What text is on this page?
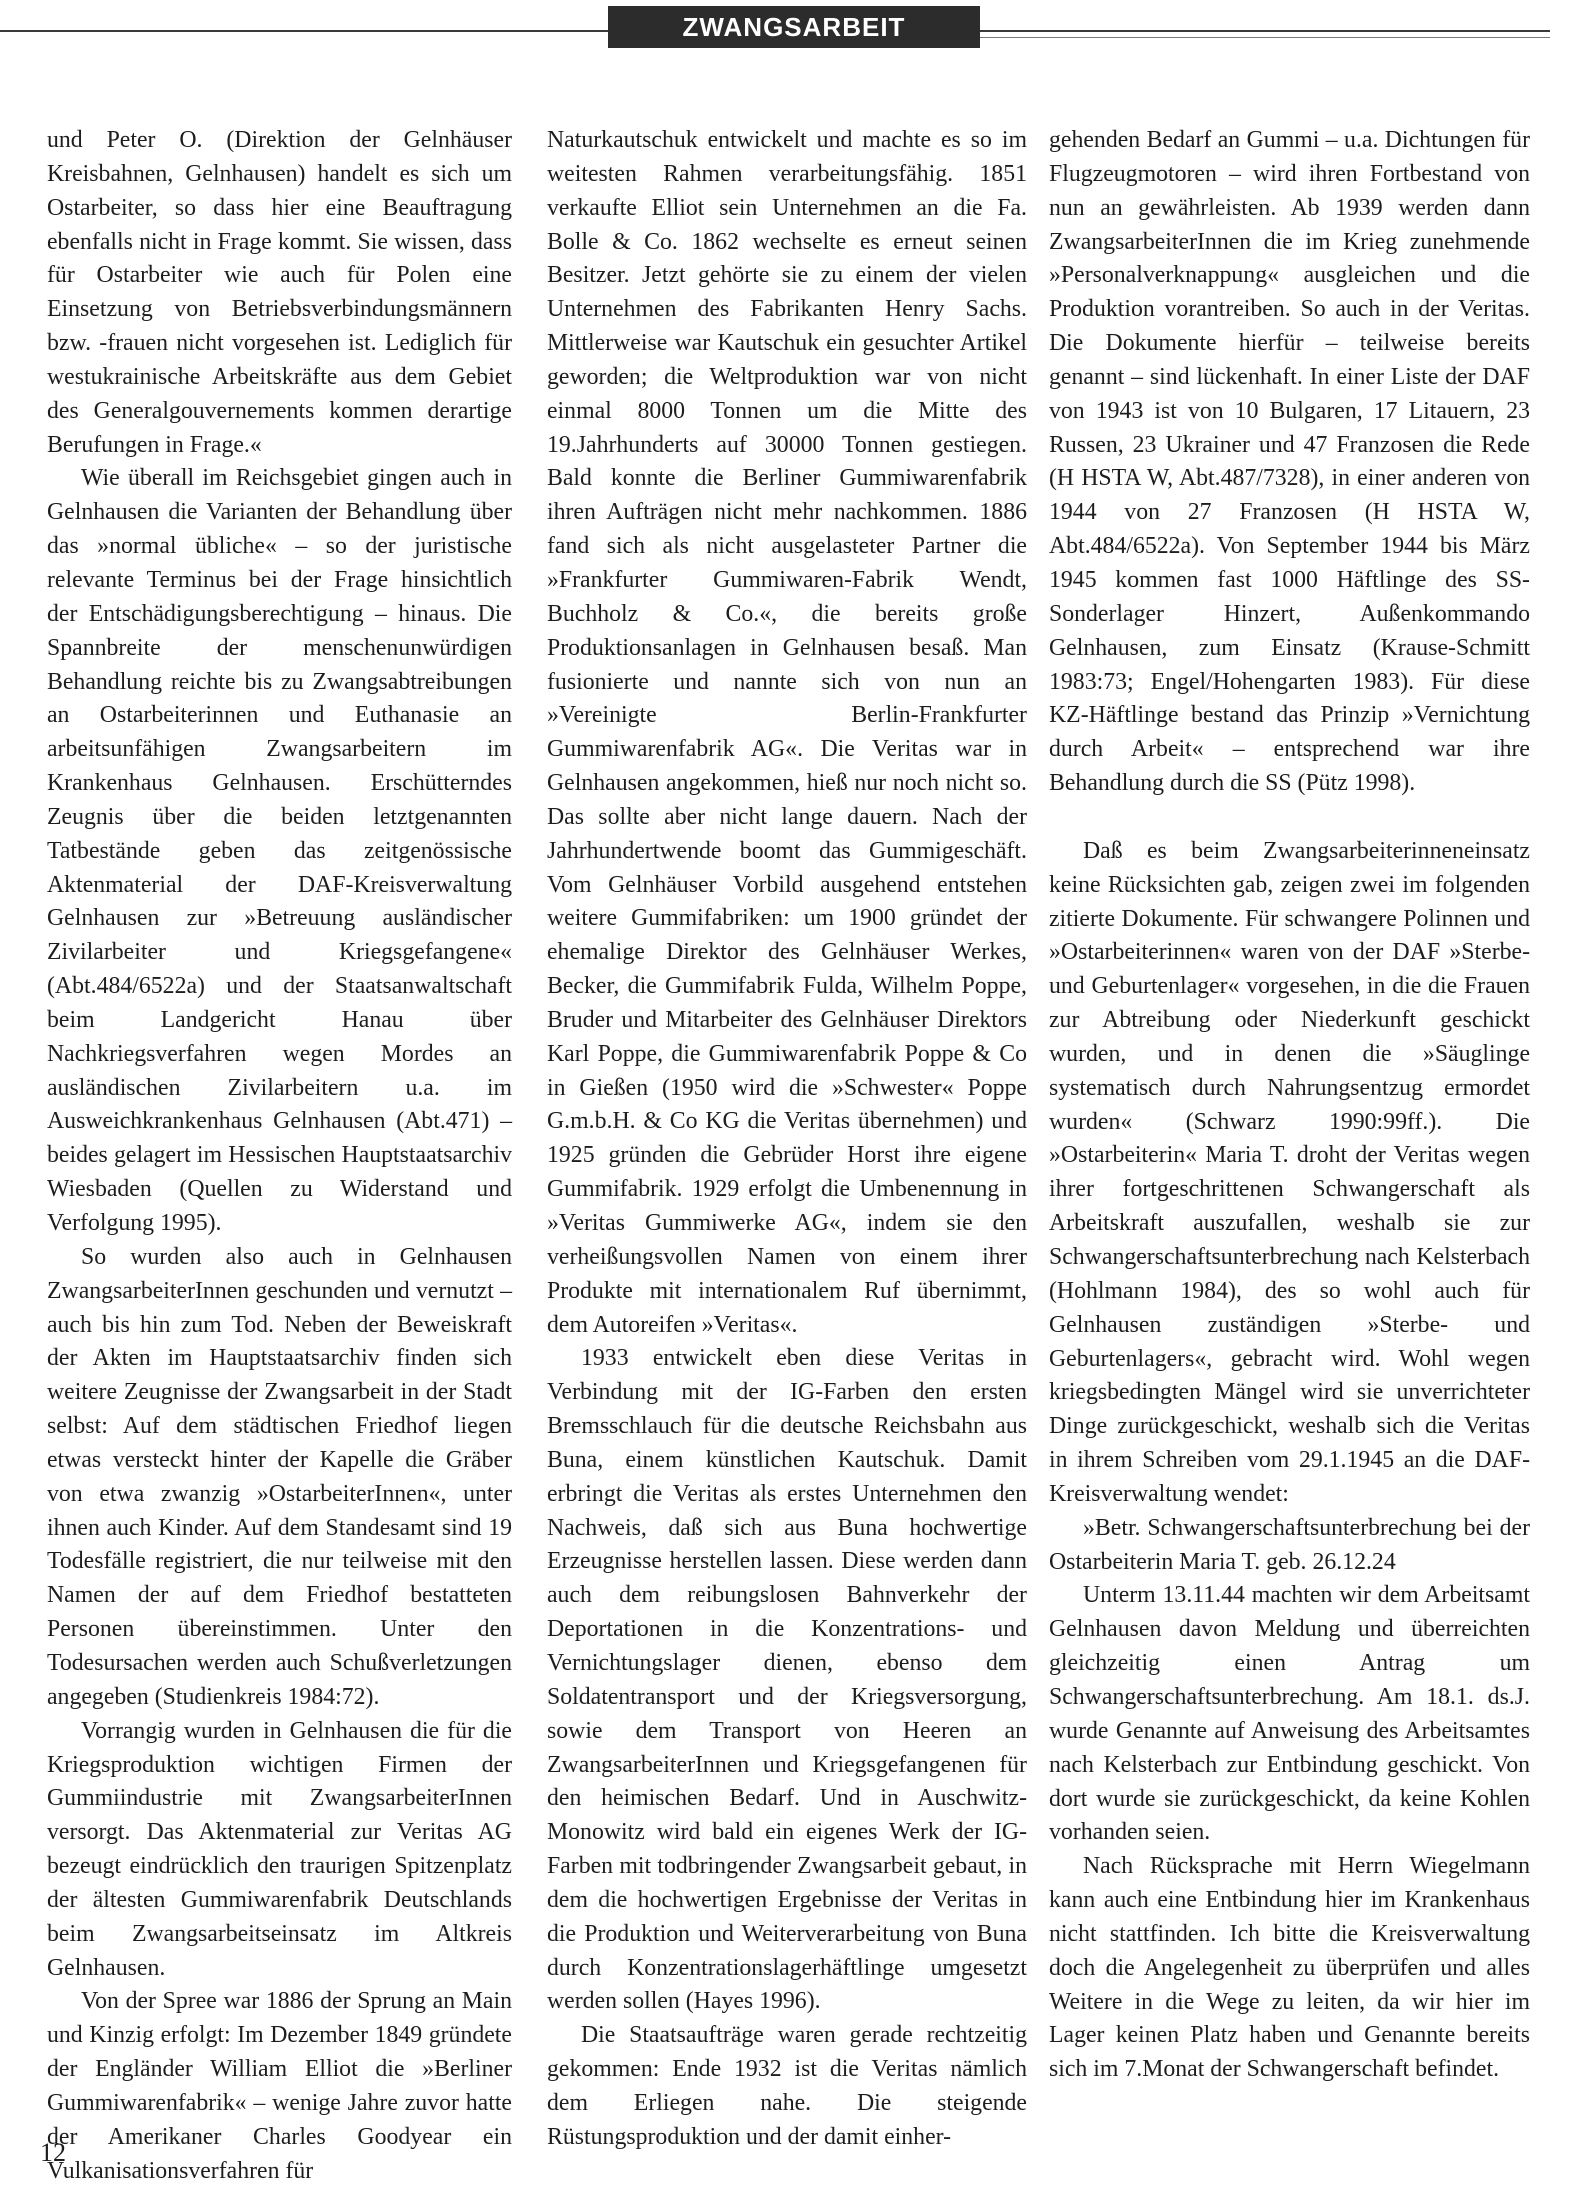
ZWANGSARBEIT

und Peter O. (Direktion der Gelnhäuser Kreisbahnen, Gelnhausen) handelt es sich um Ostarbeiter, so dass hier eine Beauftragung ebenfalls nicht in Frage kommt. Sie wissen, dass für Ostarbeiter wie auch für Polen eine Einsetzung von Betriebsverbindungsmännern bzw. -frauen nicht vorgesehen ist. Lediglich für westukrainische Arbeitskräfte aus dem Gebiet des Generalgouvernements kommen derartige Berufungen in Frage.«

Wie überall im Reichsgebiet gingen auch in Gelnhausen die Varianten der Behandlung über das »normal übliche« – so der juristische relevante Terminus bei der Frage hinsichtlich der Entschädigungsberechtigung – hinaus. Die Spannbreite der menschenunwürdigen Behandlung reichte bis zu Zwangsabtreibungen an Ostarbeiterinnen und Euthanasie an arbeitsunfähigen Zwangsarbeitern im Krankenhaus Gelnhausen. Erschütterndes Zeugnis über die beiden letztgenannten Tatbestände geben das zeitgenössische Aktenmaterial der DAF-Kreisverwaltung Gelnhausen zur »Betreuung ausländischer Zivilarbeiter und Kriegsgefangene« (Abt.484/6522a) und der Staatsanwaltschaft beim Landgericht Hanau über Nachkriegsverfahren wegen Mordes an ausländischen Zivilarbeitern u.a. im Ausweichkrankenhaus Gelnhausen (Abt.471) – beides gelagert im Hessischen Hauptstaatsarchiv Wiesbaden (Quellen zu Widerstand und Verfolgung 1995).

So wurden also auch in Gelnhausen ZwangsarbeiterInnen geschunden und vernutzt – auch bis hin zum Tod. Neben der Beweiskraft der Akten im Hauptstaatsarchiv finden sich weitere Zeugnisse der Zwangsarbeit in der Stadt selbst: Auf dem städtischen Friedhof liegen etwas versteckt hinter der Kapelle die Gräber von etwa zwanzig »OstarbeiterInnen«, unter ihnen auch Kinder. Auf dem Standesamt sind 19 Todesfälle registriert, die nur teilweise mit den Namen der auf dem Friedhof bestatteten Personen übereinstimmen. Unter den Todesursachen werden auch Schußverletzungen angegeben (Studienkreis 1984:72).

Vorrangig wurden in Gelnhausen die für die Kriegsproduktion wichtigen Firmen der Gummiindustrie mit ZwangsarbeiterInnen versorgt. Das Aktenmaterial zur Veritas AG bezeugt eindrücklich den traurigen Spitzenplatz der ältesten Gummiwarenfabrik Deutschlands beim Zwangsarbeitseinsatz im Altkreis Gelnhausen.

Von der Spree war 1886 der Sprung an Main und Kinzig erfolgt: Im Dezember 1849 gründete der Engländer William Elliot die »Berliner Gummiwarenfabrik« – wenige Jahre zuvor hatte der Amerikaner Charles Goodyear ein Vulkanisationsverfahren für

Naturkautschuk entwickelt und machte es so im weitesten Rahmen verarbeitungsfähig. 1851 verkaufte Elliot sein Unternehmen an die Fa. Bolle & Co. 1862 wechselte es erneut seinen Besitzer. Jetzt gehörte sie zu einem der vielen Unternehmen des Fabrikanten Henry Sachs. Mittlerweise war Kautschuk ein gesuchter Artikel geworden; die Weltproduktion war von nicht einmal 8000 Tonnen um die Mitte des 19.Jahrhunderts auf 30000 Tonnen gestiegen. Bald konnte die Berliner Gummiwarenfabrik ihren Aufträgen nicht mehr nachkommen. 1886 fand sich als nicht ausgelasteter Partner die »Frankfurter Gummiwaren-Fabrik Wendt, Buchholz & Co.«, die bereits große Produktionsanlagen in Gelnhausen besaß. Man fusionierte und nannte sich von nun an »Vereinigte Berlin-Frankfurter Gummiwarenfabrik AG«. Die Veritas war in Gelnhausen angekommen, hieß nur noch nicht so. Das sollte aber nicht lange dauern. Nach der Jahrhundertwende boomt das Gummigeschäft. Vom Gelnhäuser Vorbild ausgehend entstehen weitere Gummifabriken: um 1900 gründet der ehemalige Direktor des Gelnhäuser Werkes, Becker, die Gummifabrik Fulda, Wilhelm Poppe, Bruder und Mitarbeiter des Gelnhäuser Direktors Karl Poppe, die Gummiwarenfabrik Poppe & Co in Gießen (1950 wird die »Schwester« Poppe G.m.b.H. & Co KG die Veritas übernehmen) und 1925 gründen die Gebrüder Horst ihre eigene Gummifabrik. 1929 erfolgt die Umbenennung in »Veritas Gummiwerke AG«, indem sie den verheißungsvollen Namen von einem ihrer Produkte mit internationalem Ruf übernimmt, dem Autoreifen »Veritas«.

1933 entwickelt eben diese Veritas in Verbindung mit der IG-Farben den ersten Bremsschlauch für die deutsche Reichsbahn aus Buna, einem künstlichen Kautschuk. Damit erbringt die Veritas als erstes Unternehmen den Nachweis, daß sich aus Buna hochwertige Erzeugnisse herstellen lassen. Diese werden dann auch dem reibungslosen Bahnverkehr der Deportationen in die Konzentrations- und Vernichtungslager dienen, ebenso dem Soldatentransport und der Kriegsversorgung, sowie dem Transport von Heeren an ZwangsarbeiterInnen und Kriegsgefangenen für den heimischen Bedarf. Und in Auschwitz-Monowitz wird bald ein eigenes Werk der IG-Farben mit todbringender Zwangsarbeit gebaut, in dem die hochwertigen Ergebnisse der Veritas in die Produktion und Weiterverarbeitung von Buna durch Konzentrationslagerhäftlinge umgesetzt werden sollen (Hayes 1996).

Die Staatsaufträge waren gerade rechtzeitig gekommen: Ende 1932 ist die Veritas nämlich dem Erliegen nahe. Die steigende Rüstungsproduktion und der damit einher-

gehenden Bedarf an Gummi – u.a. Dichtungen für Flugzeugmotoren – wird ihren Fortbestand von nun an gewährleisten. Ab 1939 werden dann ZwangsarbeiterInnen die im Krieg zunehmende »Personalverknappung« ausgleichen und die Produktion vorantreiben. So auch in der Veritas. Die Dokumente hierfür – teilweise bereits genannt – sind lückenhaft. In einer Liste der DAF von 1943 ist von 10 Bulgaren, 17 Litauern, 23 Russen, 23 Ukrainer und 47 Franzosen die Rede (H HSTA W, Abt.487/7328), in einer anderen von 1944 von 27 Franzosen (H HSTA W, Abt.484/6522a). Von September 1944 bis März 1945 kommen fast 1000 Häftlinge des SS-Sonderlager Hinzert, Außenkommando Gelnhausen, zum Einsatz (Krause-Schmitt 1983:73; Engel/Hohengarten 1983). Für diese KZ-Häftlinge bestand das Prinzip »Vernichtung durch Arbeit« – entsprechend war ihre Behandlung durch die SS (Pütz 1998).

Daß es beim Zwangsarbeiterinneneinsatz keine Rücksichten gab, zeigen zwei im folgenden zitierte Dokumente. Für schwangere Polinnen und »Ostarbeiterinnen« waren von der DAF »Sterbe- und Geburtenlager« vorgesehen, in die die Frauen zur Abtreibung oder Niederkunft geschickt wurden, und in denen die »Säuglinge systematisch durch Nahrungsentzug ermordet wurden« (Schwarz 1990:99ff.). Die »Ostarbeiterin« Maria T. droht der Veritas wegen ihrer fortgeschrittenen Schwangerschaft als Arbeitskraft auszufallen, weshalb sie zur Schwangerschaftsunterbrechung nach Kelsterbach (Hohlmann 1984), des so wohl auch für Gelnhausen zuständigen »Sterbe- und Geburtenlagers«, gebracht wird. Wohl wegen kriegsbedingten Mängel wird sie unverrichteter Dinge zurückgeschickt, weshalb sich die Veritas in ihrem Schreiben vom 29.1.1945 an die DAF-Kreisverwaltung wendet:

»Betr. Schwangerschaftsunterbrechung bei der Ostarbeiterin Maria T. geb. 26.12.24

Unterm 13.11.44 machten wir dem Arbeitsamt Gelnhausen davon Meldung und überreichten gleichzeitig einen Antrag um Schwangerschaftsunterbrechung. Am 18.1. ds.J. wurde Genannte auf Anweisung des Arbeitsamtes nach Kelsterbach zur Entbindung geschickt. Von dort wurde sie zurückgeschickt, da keine Kohlen vorhanden seien.

Nach Rücksprache mit Herrn Wiegelmann kann auch eine Entbindung hier im Krankenhaus nicht stattfinden. Ich bitte die Kreisverwaltung doch die Angelegenheit zu überprüfen und alles Weitere in die Wege zu leiten, da wir hier im Lager keinen Platz haben und Genannte bereits sich im 7.Monat der Schwangerschaft befindet.

12
